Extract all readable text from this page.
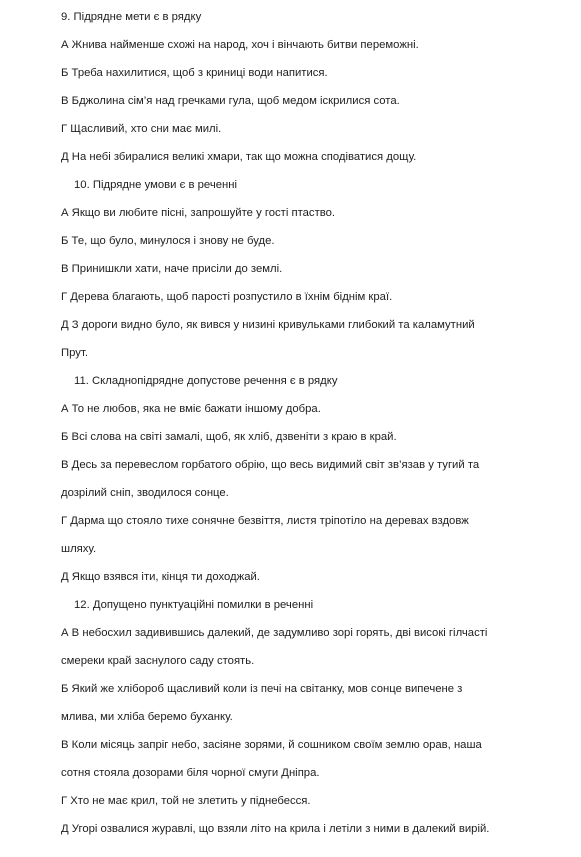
9. Підрядне мети є в рядку
А Жнива найменше схожі на народ, хоч і вінчають битви переможні.
Б Треба нахилитися, щоб з криниці води напитися.
В Бджолина сім’я над гречками гула, щоб медом іскрилися сота.
Г Щасливий, хто сни має милі.
Д На небі збиралися великі хмари, так що можна сподіватися дощу.
10. Підрядне умови є в реченні
А Якщо ви любите пісні, запрошуйте у гості птаство.
Б Те, що було, минулося і знову не буде.
В Принишкли хати, наче присіли до землі.
Г Дерева благають, щоб парості розпустило в їхнім біднім краї.
Д З дороги видно було, як вився у низині кривульками глибокий та каламутний
Прут.
11. Складнопідрядне допустове речення є в рядку
А То не любов, яка не вміє бажати іншому добра.
Б Всі слова на світі замалі, щоб, як хліб, дзвеніти з краю в край.
В Десь за перевеслом горбатого обрію, що весь видимий світ зв’язав у тугий та
дозрілий сніп, зводилося сонце.
Г Дарма що стояло тихе сонячне безвіття, листя тріпотіло на деревах вздовж
шляху.
Д Якщо взявся іти, кінця ти доходжай.
12. Допущено пунктуаційні помилки в реченні
А В небосхил задивившись далекий, де задумливо зорі горять, дві високі гілчасті
смереки край заснулого саду стоять.
Б Який же хлібороб щасливий коли із печі на світанку, мов сонце випечене з
млива, ми хліба беремо буханку.
В Коли місяць запріг небо, засіяне зорями, й сошником своїм землю орав, наша
сотня стояла дозорами біля чорної смуги Дніпра.
Г Хто не має крил, той не злетить у піднебесся.
Д Угорі озвалися журавлі, що взяли літо на крила і летіли з ними в далекий вирій.
